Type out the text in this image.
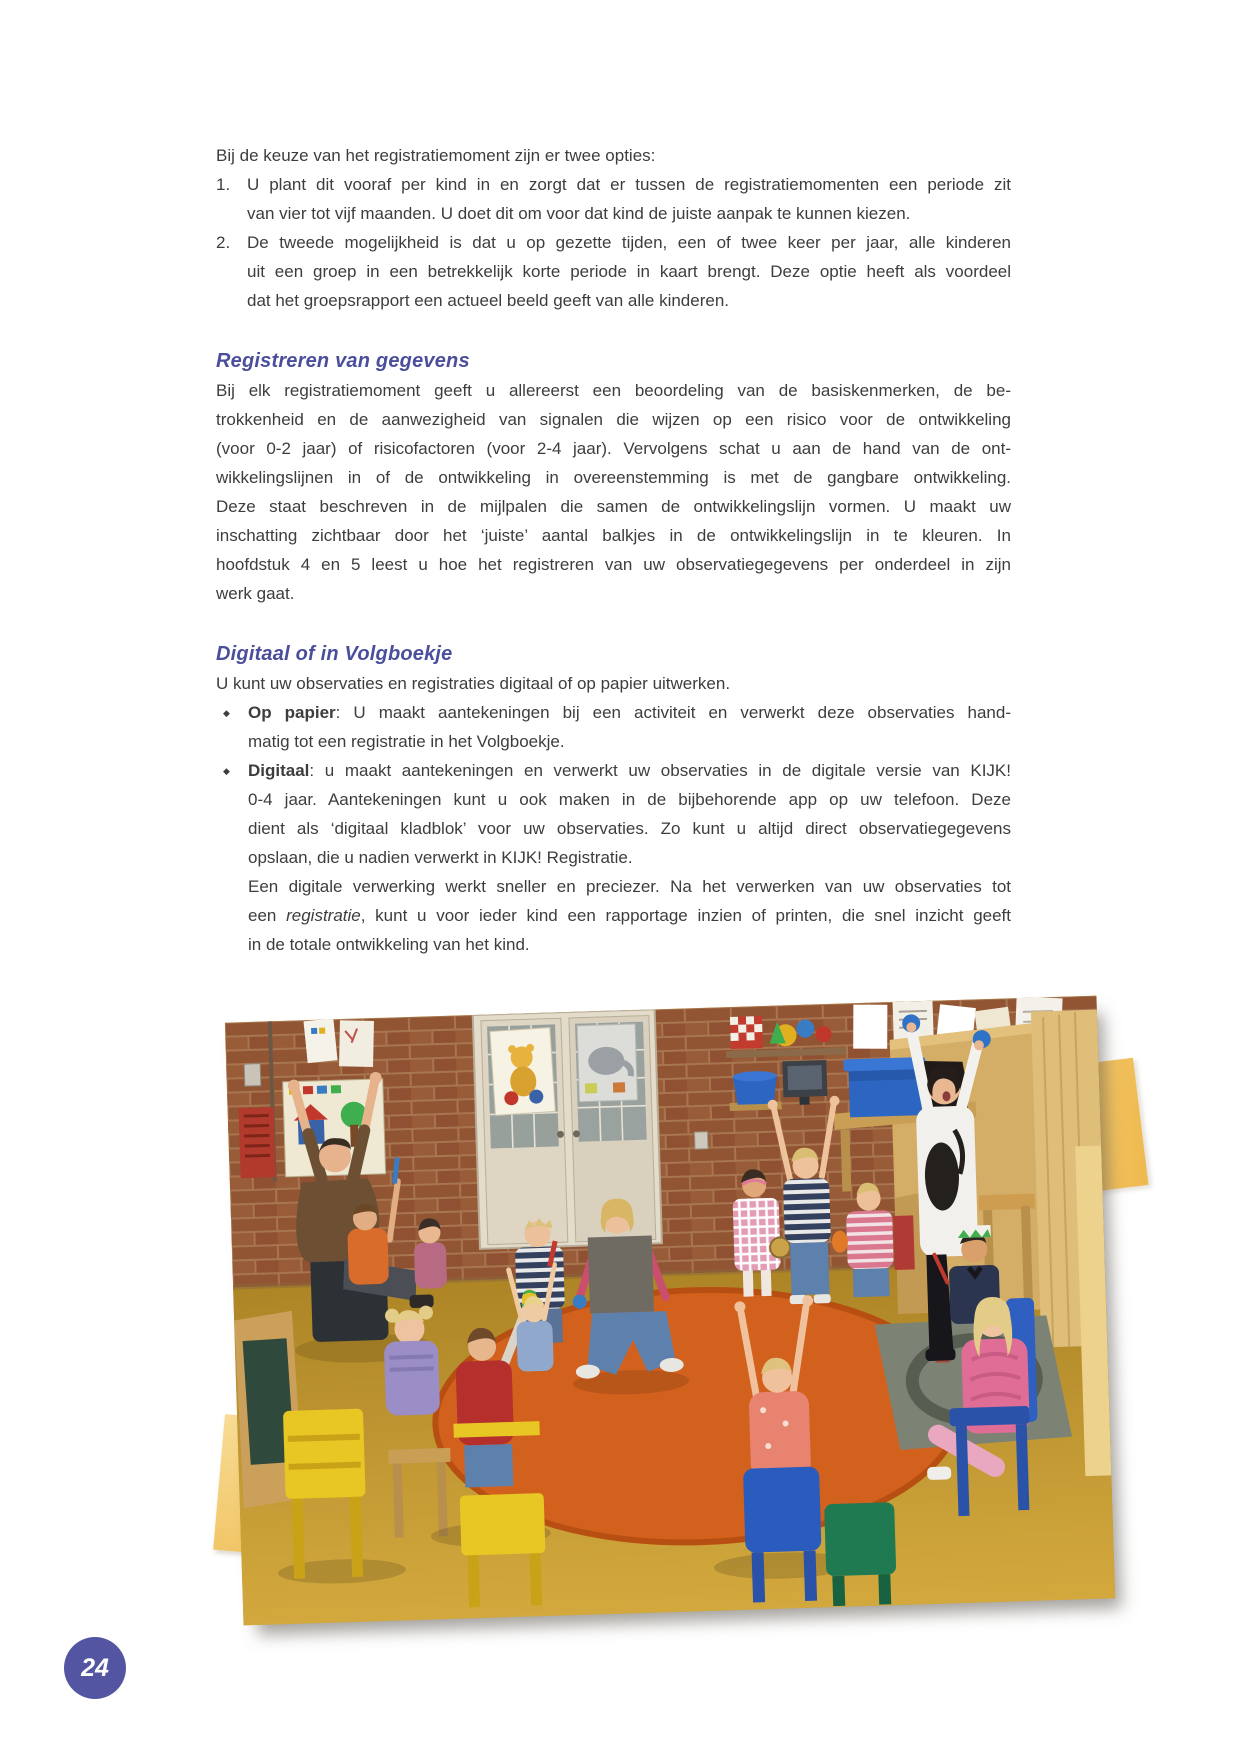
Bij de keuze van het registratiemoment zijn er twee opties:
1. U plant dit vooraf per kind in en zorgt dat er tussen de registratiemomenten een periode zit
van vier tot vijf maanden. U doet dit om voor dat kind de juiste aanpak te kunnen kiezen.
2. De tweede mogelijkheid is dat u op gezette tijden, een of twee keer per jaar, alle kinderen
uit een groep in een betrekkelijk korte periode in kaart brengt. Deze optie heeft als voordeel
dat het groepsrapport een actueel beeld geeft van alle kinderen.
Registreren van gegevens
Bij elk registratiemoment geeft u allereerst een beoordeling van de basiskenmerken, de be-
trokkenheid en de aanwezigheid van signalen die wijzen op een risico voor de ontwikkeling
(voor 0-2 jaar) of risicofactoren (voor 2-4 jaar). Vervolgens schat u aan de hand van de ont-
wikkelingslijnen in of de ontwikkeling in overeenstemming is met de gangbare ontwikkeling.
Deze staat beschreven in de mijlpalen die samen de ontwikkelingslijn vormen. U maakt uw
inschatting zichtbaar door het ‘juiste’ aantal balkjes in de ontwikkelingslijn in te kleuren. In
hoofdstuk 4 en 5 leest u hoe het registreren van uw observatiegegevens per onderdeel in zijn
werk gaat.
Digitaal of in Volgboekje
U kunt uw observaties en registraties digitaal of op papier uitwerken.
◆ Op papier: U maakt aantekeningen bij een activiteit en verwerkt deze observaties hand-
matig tot een registratie in het Volgboekje.
◆ Digitaal: u maakt aantekeningen en verwerkt uw observaties in de digitale versie van KIJK!
0-4 jaar. Aantekeningen kunt u ook maken in de bijbehorende app op uw telefoon. Deze
dient als ‘digitaal kladblok’ voor uw observaties. Zo kunt u altijd direct observatiegegevens
opslaan, die u nadien verwerkt in KIJK! Registratie.
Een digitale verwerking werkt sneller en preciezer. Na het verwerken van uw observaties tot
een registratie, kunt u voor ieder kind een rapportage inzien of printen, die snel inzicht geeft
in de totale ontwikkeling van het kind.
24
